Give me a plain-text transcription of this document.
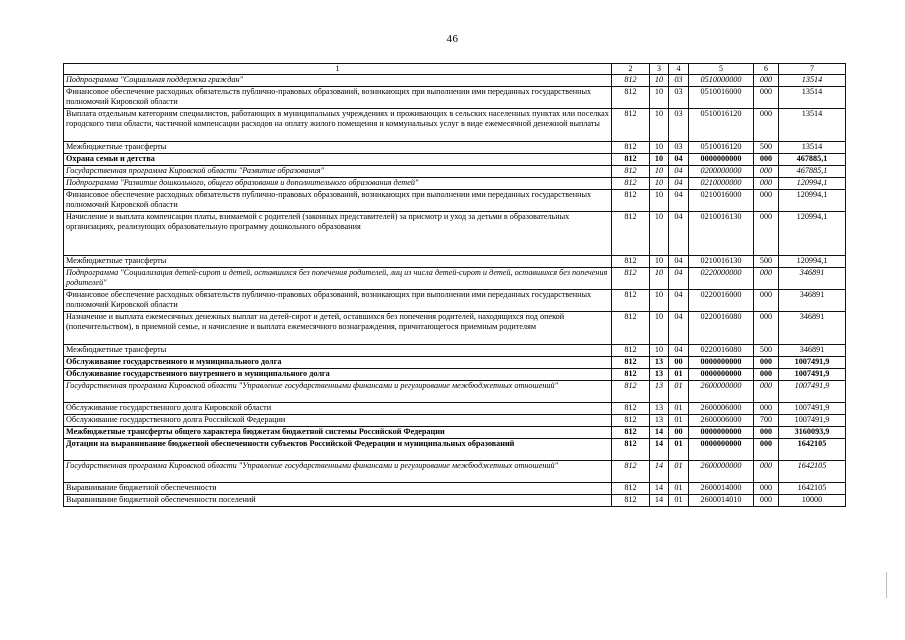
46
1	2	3	4	5	6	7
Подпрограмма "Социальная поддержка граждан"	812	10	03	0510000000	000	13514
Финансовое обеспечение расходных обязательств публично-правовых образований, возникающих при выполнении ими переданных государственных полномочий Кировской области	812	10	03	0510016000	000	13514
Выплата отдельным категориям специалистов, работающих в муниципальных учреждениях и проживающих в сельских населенных пунктах или поселках городского типа области, частичной компенсации расходов на оплату жилого помещения и коммунальных услуг в виде ежемесячной денежной выплаты	812	10	03	0510016120	000	13514
Межбюджетные трансферты	812	10	03	0510016120	500	13514
Охрана семьи и детства	812	10	04	0000000000	000	467885,1
Государственная программа Кировской области "Развитие образования"	812	10	04	0200000000	000	467885,1
Подпрограмма "Развитие дошкольного, общего образования и дополнительного образования детей"	812	10	04	0210000000	000	120994,1
Финансовое обеспечение расходных обязательств публично-правовых образований, возникающих при выполнении ими переданных государственных полномочий Кировской области	812	10	04	0210016000	000	120994,1
Начисление и выплата компенсации платы, взимаемой с родителей (законных представителей) за присмотр и уход за детьми в образовательных организациях, реализующих образовательную программу дошкольного образования	812	10	04	0210016130	000	120994,1
Межбюджетные трансферты	812	10	04	0210016130	500	120994,1
Подпрограмма "Социализация детей-сирот и детей, оставшихся без попечения родителей, лиц из числа детей-сирот и детей, оставшихся без попечения родителей"	812	10	04	0220000000	000	346891
Финансовое обеспечение расходных обязательств публично-правовых образований, возникающих при выполнении ими переданных государственных полномочий Кировской области	812	10	04	0220016000	000	346891
Назначение и выплата ежемесячных денежных выплат на детей-сирот и детей, оставшихся без попечения родителей, находящихся под опекой (попечительством), в приемной семье, и начисление и выплата ежемесячного вознаграждения, причитающегося приемным родителям	812	10	04	0220016080	000	346891
Межбюджетные трансферты	812	10	04	0220016080	500	346891
Обслуживание государственного и муниципального долга	812	13	00	0000000000	000	1007491,9
Обслуживание государственного внутреннего и муниципального долга	812	13	01	0000000000	000	1007491,9
Государственная программа Кировской области "Управление государственными финансами и регулирование межбюджетных отношений"	812	13	01	2600000000	000	1007491,9
Обслуживание государственного долга Кировской области	812	13	01	2600006000	000	1007491,9
Обслуживание государственного долга Российской Федерации	812	13	01	2600006000	700	1007491,9
Межбюджетные трансферты общего характера бюджетам бюджетной системы Российской Федерации	812	14	00	0000000000	000	3160093,9
Дотации на выравнивание бюджетной обеспеченности субъектов Российской Федерации и муниципальных образований	812	14	01	0000000000	000	1642105
Государственная программа Кировской области "Управление государственными финансами и регулирование межбюджетных отношений"	812	14	01	2600000000	000	1642105
Выравнивание бюджетной обеспеченности	812	14	01	2600014000	000	1642105
Выравнивание бюджетной обеспеченности поселений	812	14	01	2600014010	000	10000
